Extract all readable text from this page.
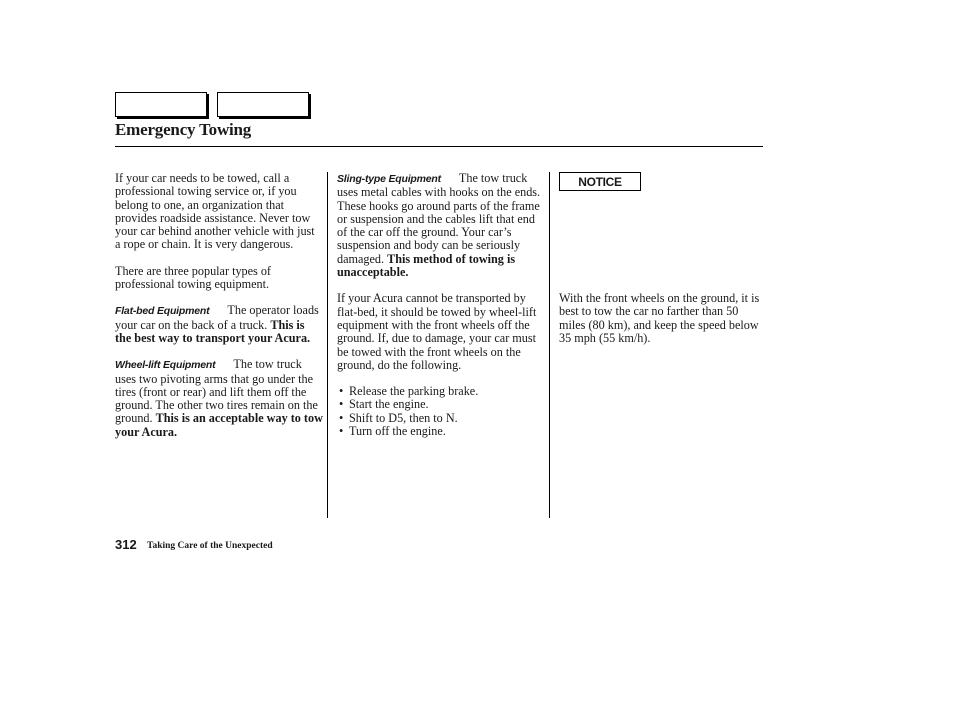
Emergency Towing

If your car needs to be towed, call a professional towing service or, if you belong to one, an organization that provides roadside assistance. Never tow your car behind another vehicle with just a rope or chain. It is very dangerous.

There are three popular types of professional towing equipment.

Flat-bed Equipment The operator loads your car on the back of a truck. This is the best way to transport your Acura.

Wheel-lift Equipment The tow truck uses two pivoting arms that go under the tires (front or rear) and lift them off the ground. The other two tires remain on the ground. This is an acceptable way to tow your Acura.

Sling-type Equipment The tow truck uses metal cables with hooks on the ends. These hooks go around parts of the frame or suspension and the cables lift that end of the car off the ground. Your car’s suspension and body can be seriously damaged. This method of towing is unacceptable.

If your Acura cannot be transported by flat-bed, it should be towed by wheel-lift equipment with the front wheels off the ground. If, due to damage, your car must be towed with the front wheels on the ground, do the following.

• Release the parking brake.
• Start the engine.
• Shift to D5, then to N.
• Turn off the engine.
NOTICE

With the front wheels on the ground, it is best to tow the car no farther than 50 miles (80 km), and keep the speed below 35 mph (55 km/h).

312 Taking Care of the Unexpected
